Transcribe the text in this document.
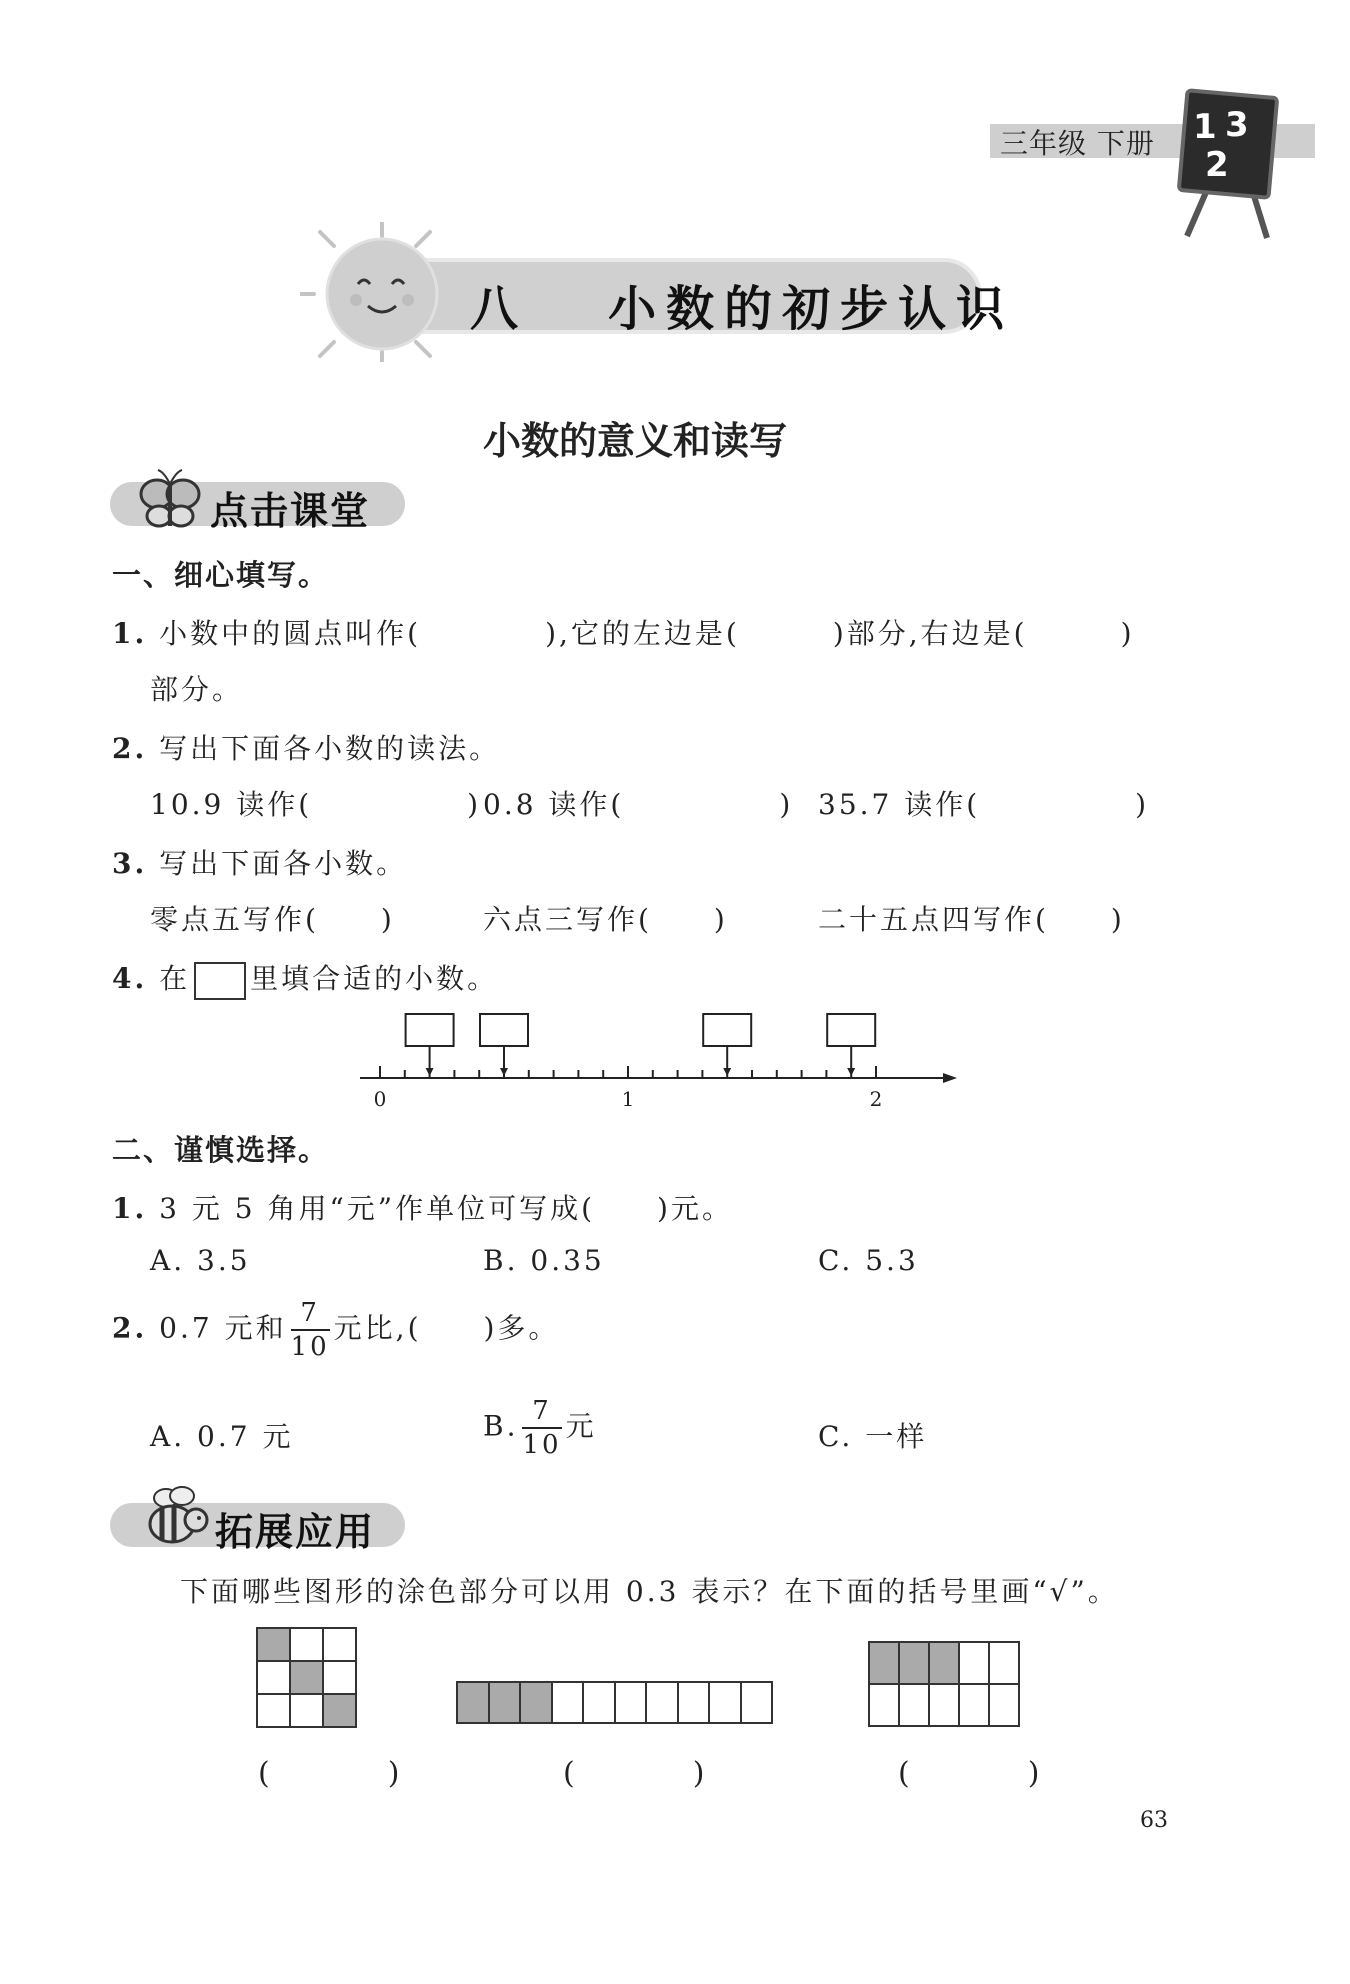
三年级 下册 1 3
2
八 小数的初步认识
小数的意义和读写
点击课堂
一、细心填写。
1. 小数中的圆点叫作(　　　　),它的左边是(　　　)部分,右边是(　　　)
部分。
2. 写出下面各小数的读法。
10.9 读作(　　　　　) 0.8 读作(　　　　　) 35.7 读作(　　　　　)
3. 写出下面各小数。
零点五写作(　　)	六点三写作(　　)	二十五点四写作(　　)
4. 在 里填合适的小数。
0	1	2
二、谨慎选择。
1. 3 元 5 角用“元”作单位可写成(　　)元。
A. 3.5	B. 0.35	C. 5.3
2. 0.7 元和 $\frac{7}{10}$ 元比,(　　)多。
A. 0.7 元	B. $\frac{7}{10}$ 元	C. 一样
拓展应用
下面哪些图形的涂色部分可以用 0.3 表示？在下面的括号里画“√”。

(　)	(　)	(　)
63
